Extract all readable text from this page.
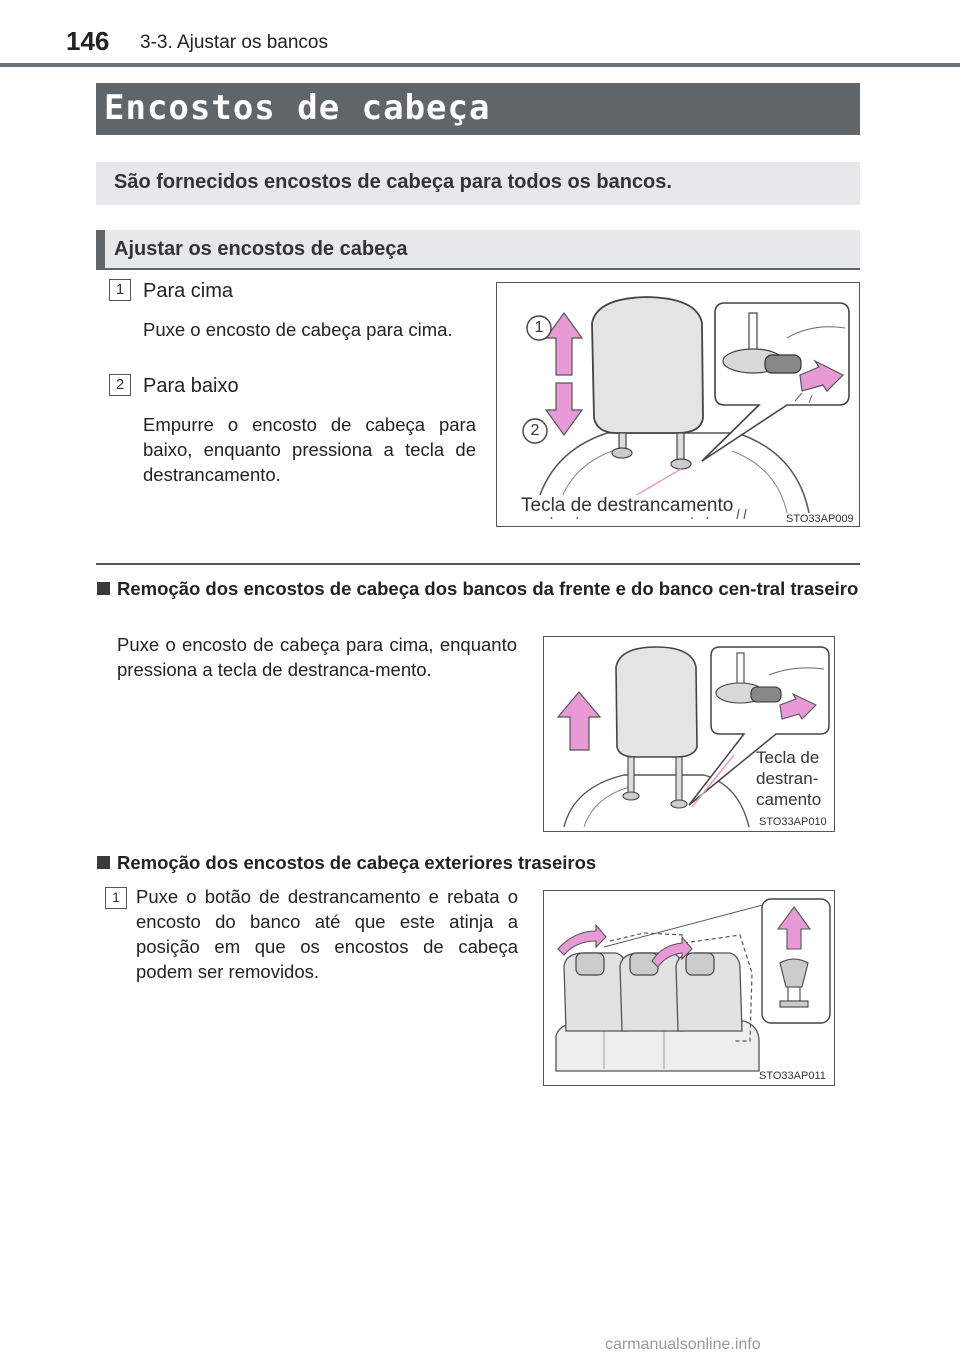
146 3-3. Ajustar os bancos
Encostos de cabeça
São fornecidos encostos de cabeça para todos os bancos.
Ajustar os encostos de cabeça
1 Para cima
Puxe o encosto de cabeça para cima.
2 Para baixo
Empurre o encosto de cabeça para baixo, enquanto pressiona a tecla de destrancamento.
1
2
Tecla de destrancamento
STO33AP009
Remoção dos encostos de cabeça dos bancos da frente e do banco cen-tral traseiro
Puxe o encosto de cabeça para cima, enquanto pressiona a tecla de destranca-mento.
Tecla de
destran-
camento
STO33AP010
Remoção dos encostos de cabeça exteriores traseiros
1 Puxe o botão de destrancamento e rebata o encosto do banco até que este atinja a posição em que os encostos de cabeça podem ser removidos.
STO33AP011
carmanualsonline.info
